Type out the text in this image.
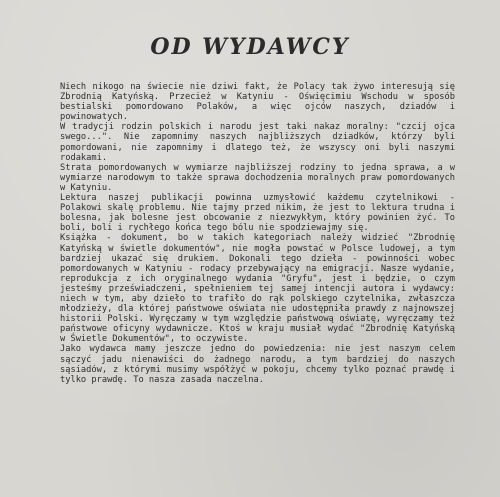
OD WYDAWCY

Niech nikogo na świecie nie dziwi fakt, że Polacy tak żywo interesują się Zbrodnią Katyńską. Przecież w Katyniu - Oświęcimiu Wschodu w sposób bestialski pomordowano Polaków, a więc ojców naszych, dziadów i powinowatych.

W tradycji rodzin polskich i narodu jest taki nakaz moralny: "czcij ojca swego...". Nie zapomnimy naszych najbliższych dziadków, którzy byli pomordowani, nie zapomnimy i dlatego też, że wszyscy oni byli naszymi rodakami.

Strata pomordowanych w wymiarze najbliższej rodziny to jedna sprawa, a w wymiarze narodowym to także sprawa dochodzenia moralnych praw pomordowanych w Katyniu.

Lektura naszej publikacji powinna uzmysłowić każdemu czytelnikowi - Polakowi skalę problemu. Nie tajmy przed nikim, że jest to lektura trudna i bolesna, jak bolesne jest obcowanie z niezwykłym, który powinien żyć. To boli, boli i rychłego końca tego bólu nie spodziewajmy się.

Książka - dokument, bo w takich kategoriach należy widzieć "Zbrodnię Katyńską w świetle dokumentów", nie mogła powstać w Polsce ludowej, a tym bardziej ukazać się drukiem. Dokonali tego dzieła - powinności wobec pomordowanych w Katyniu - rodacy przebywający na emigracji. Nasze wydanie, reprodukcja z ich oryginalnego wydania "Gryfu", jest i będzie, o czym jesteśmy przeświadczeni, spełnieniem tej samej intencji autora i wydawcy: niech w tym, aby dzieło to trafiło do rąk polskiego czytelnika, zwłaszcza młodzieży, dla której państwowe oświata nie udostępniła prawdy z najnowszej historii Polski. Wyręczamy w tym względzie państwową oświatę, wyręczamy też państwowe oficyny wydawnicze. Ktoś w kraju musiał wydać "Zbrodnię Katyńską w Świetle Dokumentów", to oczywiste.

Jako wydawca mamy jeszcze jedno do powiedzenia: nie jest naszym celem sączyć jadu nienawiści do żadnego narodu, a tym bardziej do naszych sąsiadów, z którymi musimy współżyć w pokoju, chcemy tylko poznać prawdę i tylko prawdę. To nasza zasada naczelna.
